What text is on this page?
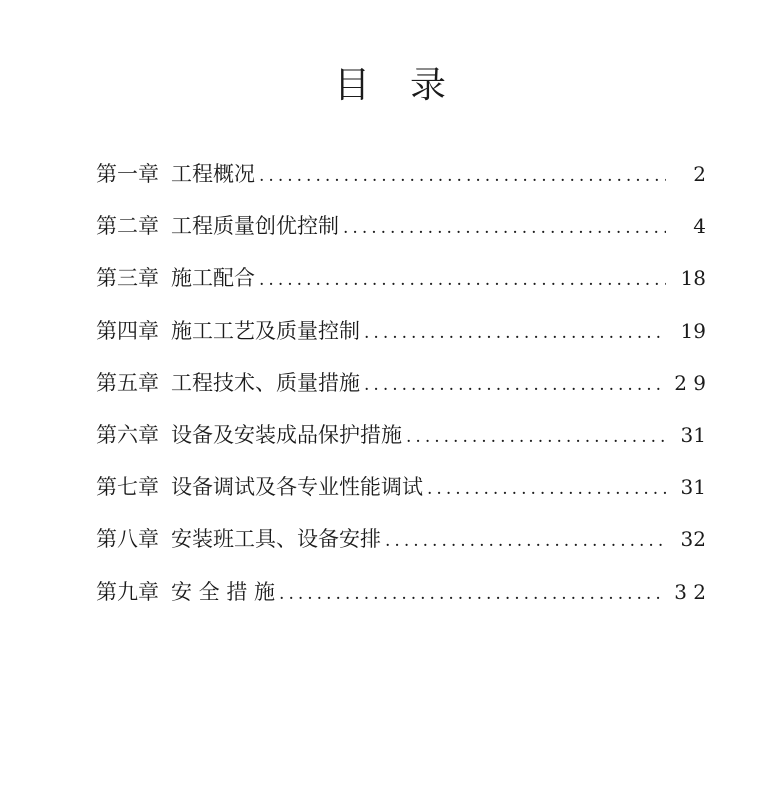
目 录
第一章 工程概况 . . .	2
第二章 工程质量创优控制 . . .	4
第三章 施工配合 . . .	18
第四章 施工工艺及质量控制 . . .	19
第五章 工程技术、质量措施 . . .	2 9
第六章 设备及安装成品保护措施 . . .	31
第七章 设备调试及各专业性能调试 . . .	31
第八章 安装班工具、设备安排 . . .	32
第九章 安 全 措 施 . . .	3 2
